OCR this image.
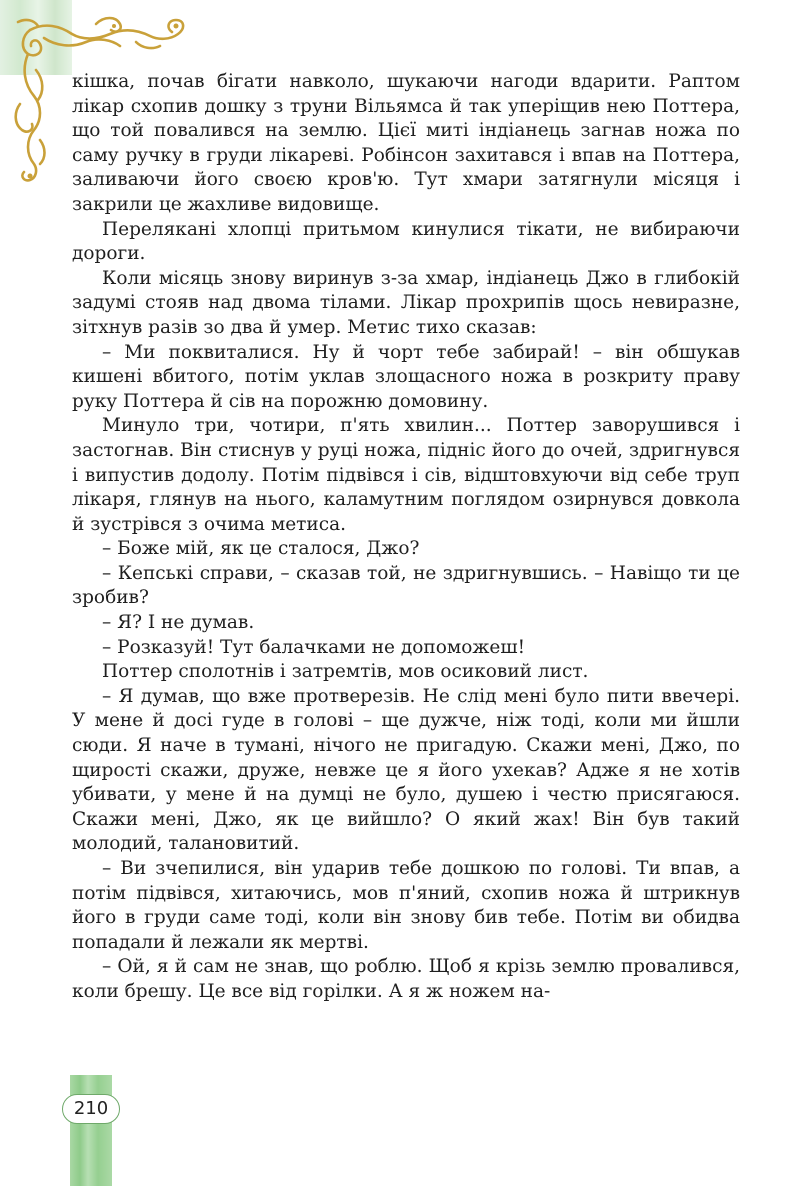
кішка, почав бігати навколо, шукаючи нагоди вдарити. Раптом лікар схопив дошку з труни Вільямса й так уперіщив нею Поттера, що той повалився на землю. Цієї миті індіанець загнав ножа по саму ручку в груди лікареві. Робінсон захитався і впав на Поттера, заливаючи його своєю кров'ю. Тут хмари затягнули місяця і закрили це жахливе видовище.

Перелякані хлопці притьмом кинулися тікати, не вибираючи дороги.

Коли місяць знову виринув з-за хмар, індіанець Джо в глибокій задумі стояв над двома тілами. Лікар прохрипів щось невиразне, зітхнув разів зо два й умер. Метис тихо сказав:

– Ми поквиталися. Ну й чорт тебе забирай! – він обшукав кишені вбитого, потім уклав злощасного ножа в розкриту праву руку Поттера й сів на порожню домовину.

Минуло три, чотири, п'ять хвилин... Поттер заворушився і застогнав. Він стиснув у руці ножа, підніс його до очей, здригнувся і випустив додолу. Потім підвівся і сів, відштовхуючи від себе труп лікаря, глянув на нього, каламутним поглядом озирнувся довкола й зустрівся з очима метиса.

– Боже мій, як це сталося, Джо?

– Кепські справи, – сказав той, не здригнувшись. – Навіщо ти це зробив?

– Я? І не думав.

– Розказуй! Тут балачками не допоможеш!

Поттер сполотнів і затремтів, мов осиковий лист.

– Я думав, що вже протверезів. Не слід мені було пити ввечері. У мене й досі гуде в голові – ще дужче, ніж тоді, коли ми йшли сюди. Я наче в тумані, нічого не пригадую. Скажи мені, Джо, по щирості скажи, друже, невже це я його ухекав? Адже я не хотів убивати, у мене й на думці не було, душею і честю присягаюся. Скажи мені, Джо, як це вийшло? О який жах! Він був такий молодий, талановитий.

– Ви зчепилися, він ударив тебе дошкою по голові. Ти впав, а потім підвівся, хитаючись, мов п'яний, схопив ножа й штрикнув його в груди саме тоді, коли він знову бив тебе. Потім ви обидва попадали й лежали як мертві.

– Ой, я й сам не знав, що роблю. Щоб я крізь землю провалився, коли брешу. Це все від горілки. А я ж ножем на-

210
